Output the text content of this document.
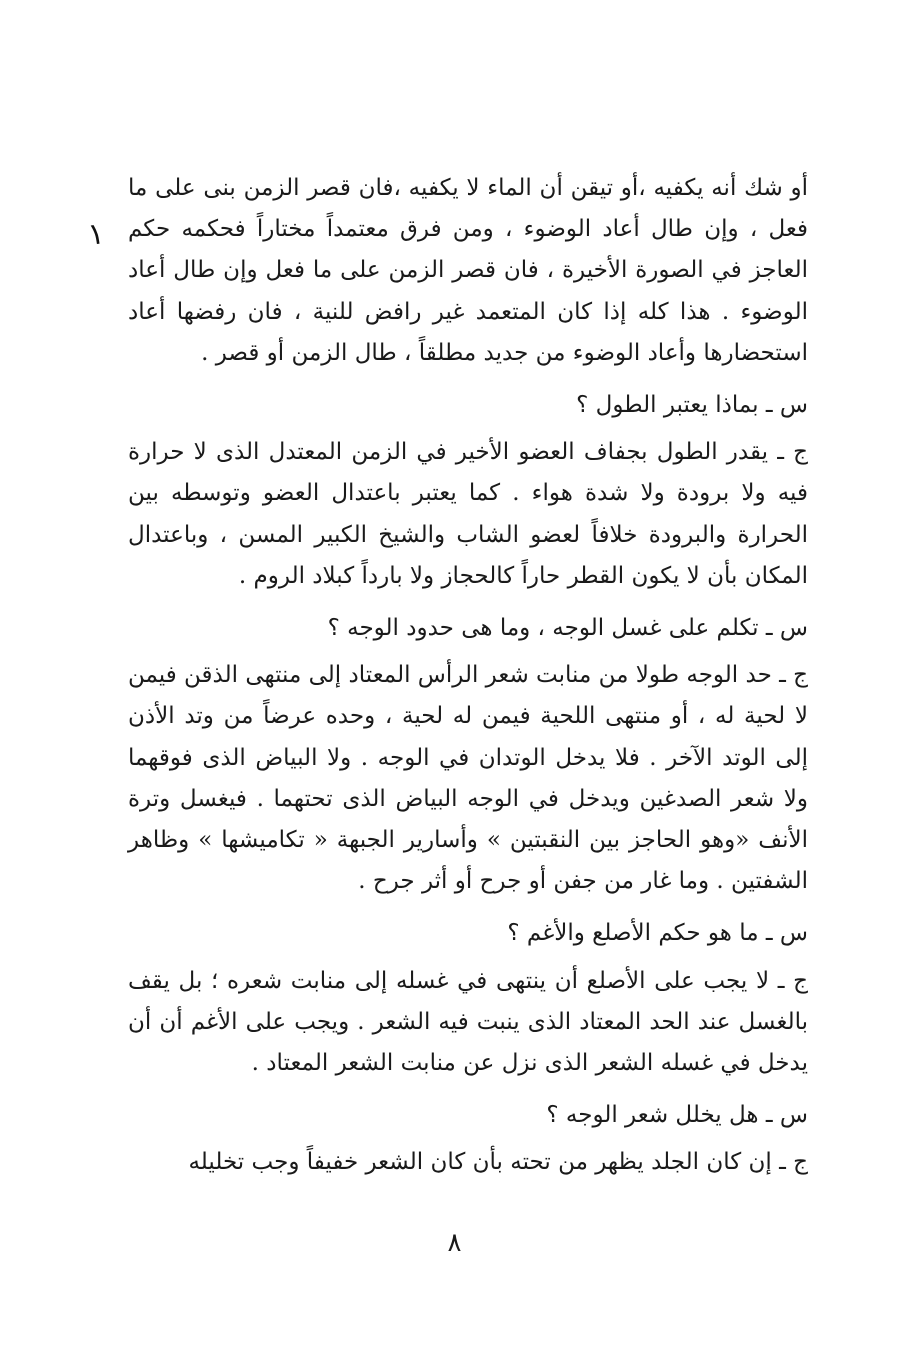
١

أو شك أنه يكفيه ،أو تيقن أن الماء لا يكفيه ،فان قصر الزمن بنى على ما فعل ، وإن طال أعاد الوضوء ، ومن فرق معتمداً مختاراً فحكمه حكم العاجز في الصورة الأخيرة ، فان قصر الزمن على ما فعل وإن طال أعاد الوضوء . هذا كله إذا كان المتعمد غير رافض للنية ، فان رفضها أعاد استحضارها وأعاد الوضوء من جديد مطلقاً ، طال الزمن أو قصر .

س ـ بماذا يعتبر الطول ؟

ج ـ يقدر الطول بجفاف العضو الأخير في الزمن المعتدل الذى لا حرارة فيه ولا برودة ولا شدة هواء . كما يعتبر باعتدال العضو وتوسطه بين الحرارة والبرودة خلافاً لعضو الشاب والشيخ الكبير المسن ، وباعتدال المكان بأن لا يكون القطر حاراً كالحجاز ولا بارداً كبلاد الروم .

س ـ تكلم على غسل الوجه ، وما هى حدود الوجه ؟

ج ـ حد الوجه طولا من منابت شعر الرأس المعتاد إلى منتهى الذقن فيمن لا لحية له ، أو منتهى اللحية فيمن له لحية ، وحده عرضاً من وتد الأذن إلى الوتد الآخر . فلا يدخل الوتدان في الوجه . ولا البياض الذى فوقهما ولا شعر الصدغين ويدخل في الوجه البياض الذى تحتهما . فيغسل وترة الأنف «وهو الحاجز بين النقبتين » وأسارير الجبهة « تكاميشها » وظاهر الشفتين . وما غار من جفن أو جرح أو أثر جرح .

س ـ ما هو حكم الأصلع والأغم ؟

ج ـ لا يجب على الأصلع أن ينتهى في غسله إلى منابت شعره ؛ بل يقف بالغسل عند الحد المعتاد الذى ينبت فيه الشعر . ويجب على الأغم أن أن يدخل في غسله الشعر الذى نزل عن منابت الشعر المعتاد .

س ـ هل يخلل شعر الوجه ؟

ج ـ إن كان الجلد يظهر من تحته بأن كان الشعر خفيفاً وجب تخليله

٨
